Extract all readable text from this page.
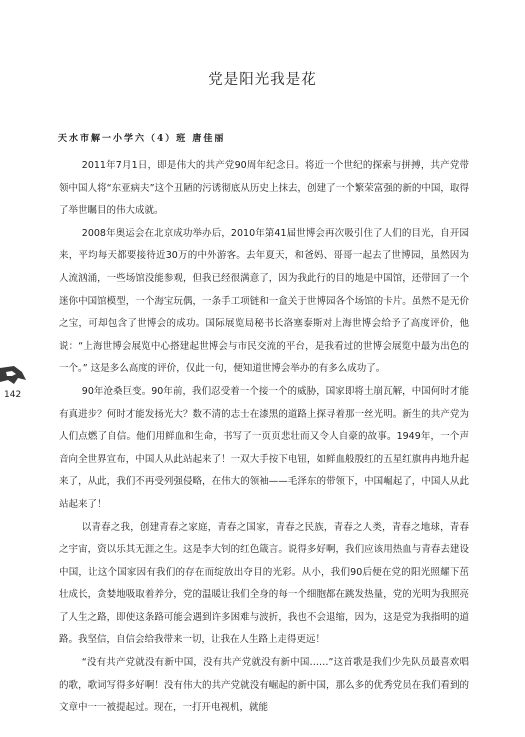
党是阳光我是花
天水市解一小学六（4）班 唐佳丽

2011年7月1日，即是伟大的共产党90周年纪念日。将近一个世纪的探索与拼搏，共产党带领中国人将“东亚病夫”这个丑陋的污诱彻底从历史上抹去，创建了一个繁荣富强的新的中国，取得了举世瞩目的伟大成就。

2008年奥运会在北京成功举办后，2010年第41届世博会再次吸引住了人们的目光，自开园来，平均每天都要接待近30万的中外游客。去年夏天，和爸妈、哥哥一起去了世博园，虽然因为人流汹涌，一些场馆没能参观，但我已经很满意了，因为我此行的目的地是中国馆，还带回了一个迷你中国馆模型，一个海宝玩偶，一条手工项链和一盒关于世博园各个场馆的卡片。虽然不是无价之宝，可却包含了世博会的成功。国际展览局秘书长洛塞泰斯对上海世博会给予了高度评价，他说：“上海世博会展览中心搭建起世博会与市民交流的平台，是我看过的世博会展览中最为出色的一个。” 这是多么高度的评价，仅此一句，便知道世博会举办的有多么成功了。

90年沧桑巨变。90年前，我们忍受着一个接一个的威胁，国家即将土崩瓦解，中国何时才能有真进步？何时才能发扬光大？数不清的志士在漆黑的道路上探寻着那一丝光明。新生的共产党为人们点燃了自信。他们用鲜血和生命，书写了一页页悲壮而又令人自豪的故事。1949年，一个声音向全世界宣布，中国人从此站起来了！一双大手按下电钮，如鲜血般殷红的五星红旗冉冉地升起来了，从此，我们不再受列强侵略，在伟大的领袖——毛泽东的带领下，中国崛起了，中国人从此站起来了！

以青春之我，创建青春之家庭，青春之国家，青春之民族，青春之人类，青春之地球，青春之宇宙，资以乐其无涯之生。这是李大钊的红色箴言。说得多好啊，我们应该用热血与青春去建设中国，让这个国家因有我们的存在而绽放出夺目的光彩。从小，我们90后便在党的阳光照耀下茁壮成长，贪婪地吸取着养分，党的温暖让我们全身的每一个细胞都在跳发热量，党的光明为我照亮了人生之路，即使这条路可能会遇到许多困难与波折，我也不会退缩，因为，这是党为我指明的道路。我坚信，自信会给我带来一切，让我在人生路上走得更远！

“没有共产党就没有新中国，没有共产党就没有新中国……”这首歌是我们少先队员最喜欢唱的歌，歌词写得多好啊！没有伟大的共产党就没有崛起的新中国，那么多的优秀党员在我们看到的文章中一一被提起过。现在，一打开电视机，就能

142
